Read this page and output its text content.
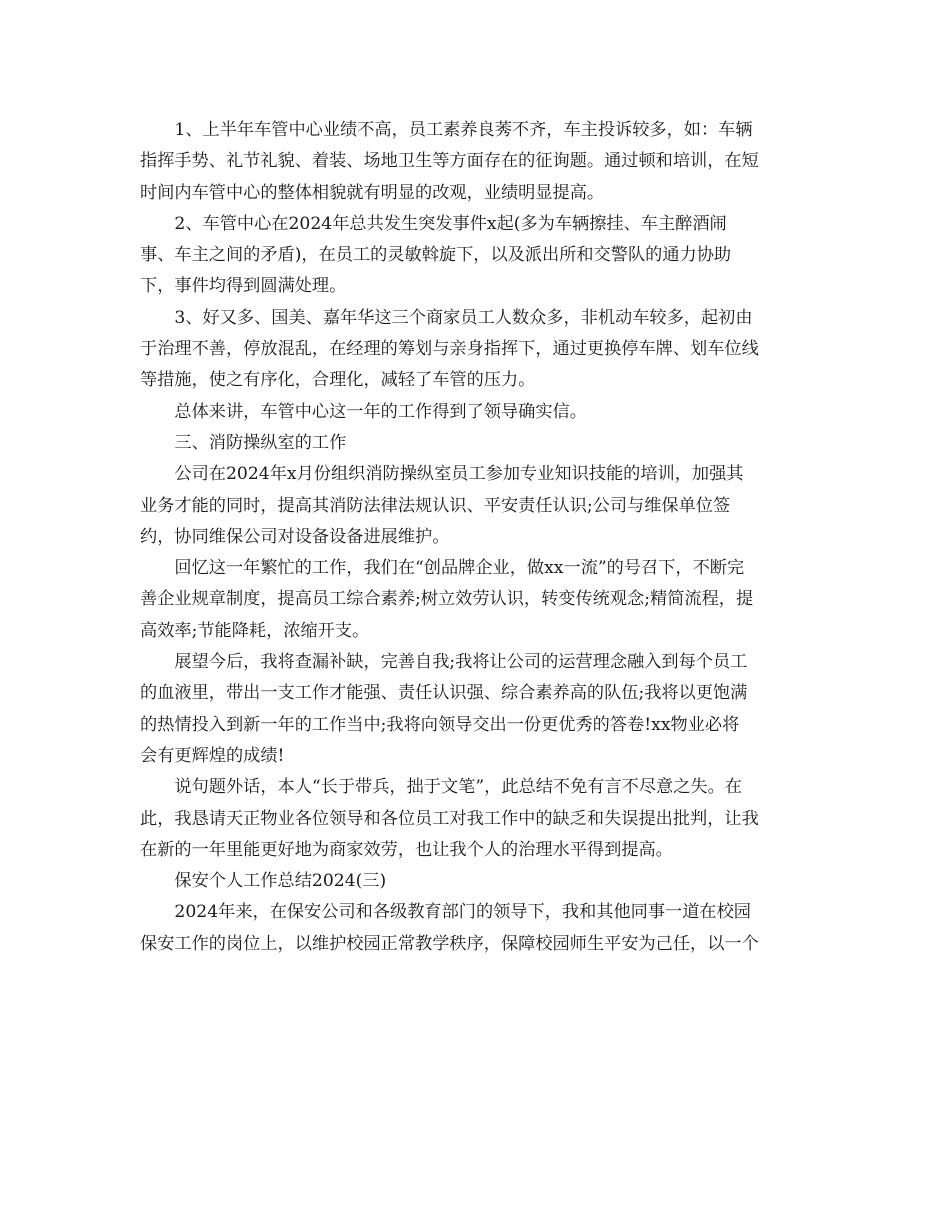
1、上半年车管中心业绩不高，员工素养良莠不齐，车主投诉较多，如：车辆
指挥手势、礼节礼貌、着装、场地卫生等方面存在的征询题。通过顿和培训，在短
时间内车管中心的整体相貌就有明显的改观，业绩明显提高。

2、车管中心在2024年总共发生突发事件x起(多为车辆擦挂、车主醉酒闹
事、车主之间的矛盾)，在员工的灵敏斡旋下，以及派出所和交警队的通力协助
下，事件均得到圆满处理。

3、好又多、国美、嘉年华这三个商家员工人数众多，非机动车较多，起初由
于治理不善，停放混乱，在经理的筹划与亲身指挥下，通过更换停车牌、划车位线
等措施，使之有序化，合理化，减轻了车管的压力。

总体来讲，车管中心这一年的工作得到了领导确实信。

三、消防操纵室的工作

公司在2024年x月份组织消防操纵室员工参加专业知识技能的培训，加强其
业务才能的同时，提高其消防法律法规认识、平安责任认识;公司与维保单位签
约，协同维保公司对设备设备进展维护。

回忆这一年繁忙的工作，我们在“创品牌企业，做xx一流”的号召下，不断完
善企业规章制度，提高员工综合素养;树立效劳认识，转变传统观念;精简流程，提
高效率;节能降耗，浓缩开支。

展望今后，我将查漏补缺，完善自我;我将让公司的运营理念融入到每个员工
的血液里，带出一支工作才能强、责任认识强、综合素养高的队伍;我将以更饱满
的热情投入到新一年的工作当中;我将向领导交出一份更优秀的答卷!xx物业必将
会有更辉煌的成绩!

说句题外话，本人“长于带兵，拙于文笔”，此总结不免有言不尽意之失。在
此，我恳请天正物业各位领导和各位员工对我工作中的缺乏和失误提出批判，让我
在新的一年里能更好地为商家效劳，也让我个人的治理水平得到提高。

保安个人工作总结2024(三)

2024年来，在保安公司和各级教育部门的领导下，我和其他同事一道在校园
保安工作的岗位上，以维护校园正常教学秩序，保障校园师生平安为己任，以一个
